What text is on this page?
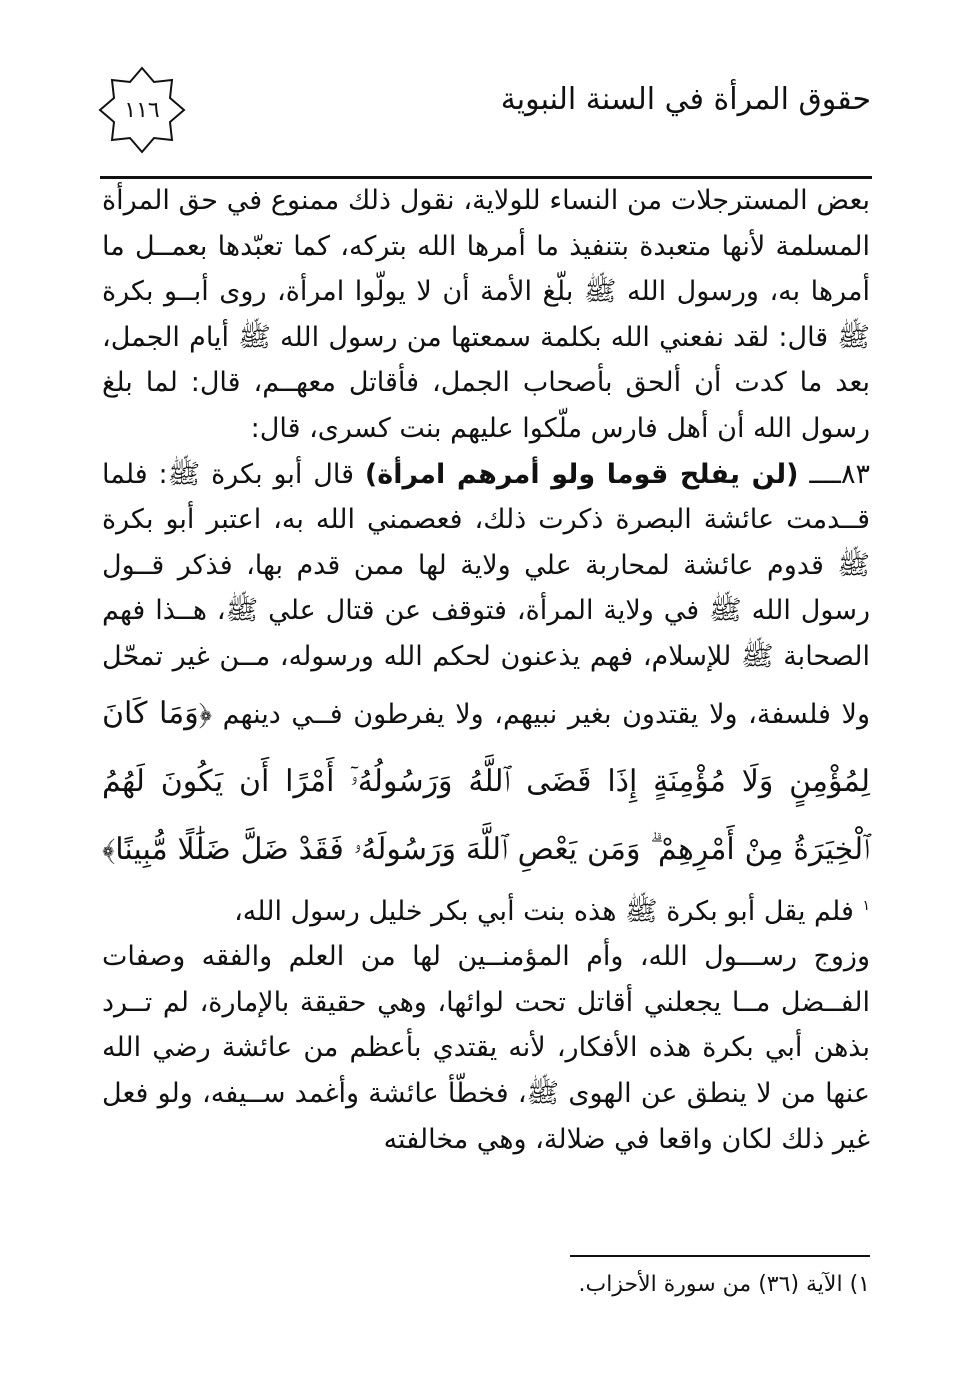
حقوق المرأة في السنة النبوية
١١٦

بعض المسترجلات من النساء للولاية، نقول ذلك ممنوع في حق المرأة المسلمة لأنها متعبدة بتنفيذ ما أمرها الله بتركه، كما تعبّدها بعمــل ما أمرها به، ورسول الله ﷺ بلّغ الأمة أن لا يولّوا امرأة، روى أبــو بكرة ﷺ قال: لقد نفعني الله بكلمة سمعتها من رسول الله ﷺ أيام الجمل، بعد ما كدت أن ألحق بأصحاب الجمل، فأقاتل معهــم، قال: لما بلغ رسول الله أن أهل فارس ملّكوا عليهم بنت كسرى، قال:

٨٣ــــ (لن يفلح قوما ولو أمرهم امرأة) قال أبو بكرة ﷺ: فلما قــدمت عائشة البصرة ذكرت ذلك، فعصمني الله به، اعتبر أبو بكرة ﷺ قدوم عائشة لمحاربة علي ولاية لها ممن قدم بها، فذكر قــول رسول الله ﷺ في ولاية المرأة، فتوقف عن قتال علي ﷺ، هــذا فهم الصحابة ﷺ للإسلام، فهم يذعنون لحكم الله ورسوله، مــن غير تمحّل ولا فلسفة، ولا يقتدون بغير نبيهم، ولا يفرطون فــي دينهم ﴿وَمَا كَانَ لِمُؤْمِنٍ وَلَا مُؤْمِنَةٍ إِذَا قَضَى ٱللَّهُ وَرَسُولُهُۥٓ أَمْرًا أَن يَكُونَ لَهُمُ ٱلْخِيَرَةُ مِنْ أَمْرِهِمْ ۗ وَمَن يَعْصِ ٱللَّهَ وَرَسُولَهُۥ فَقَدْ ضَلَّ ضَلَٰلًا مُّبِينًا﴾$^١$ فلم يقل أبو بكرة ﷺ هذه بنت أبي بكر خليل رسول الله،

وزوج رســـول الله، وأم المؤمنــين لها من العلم والفقه وصفات الفــضل مــا يجعلني أقاتل تحت لوائها، وهي حقيقة بالإمارة، لم تــرد بذهن أبي بكرة هذه الأفكار، لأنه يقتدي بأعظم من عائشة رضي الله عنها من لا ينطق عن الهوى ﷺ، فخطّأ عائشة وأغمد ســيفه، ولو فعل غير ذلك لكان واقعا في ضلالة، وهي مخالفته

١) الآية (٣٦) من سورة الأحزاب.
